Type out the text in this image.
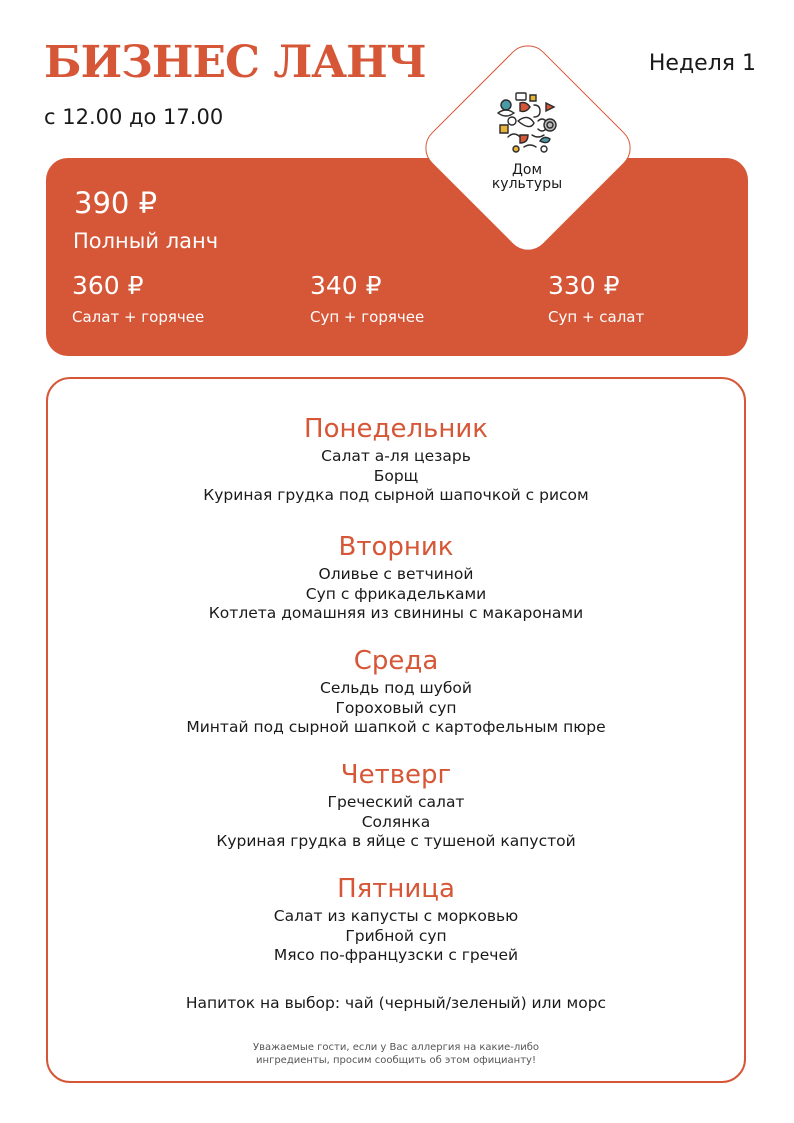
БИЗНЕС ЛАНЧ
с 12.00 до 17.00
Неделя 1
390 ₽
Полный ланч
360 ₽
Салат + горячее
340 ₽
Суп + горячее
330 ₽
Суп + салат
Дом
культуры
Понедельник
Салат а-ля цезарь
Борщ
Куриная грудка под сырной шапочкой с рисом
Вторник
Оливье с ветчиной
Суп с фрикадельками
Котлета домашняя из свинины с макаронами
Среда
Сельдь под шубой
Гороховый суп
Минтай под сырной шапкой с картофельным пюре
Четверг
Греческий салат
Солянка
Куриная грудка в яйце с тушеной капустой
Пятница
Салат из капусты с морковью
Грибной суп
Мясо по-французски с гречей
Напиток на выбор: чай (черный/зеленый) или морс
Уважаемые гости, если у Вас аллергия на какие-либо
ингредиенты, просим сообщить об этом официанту!
